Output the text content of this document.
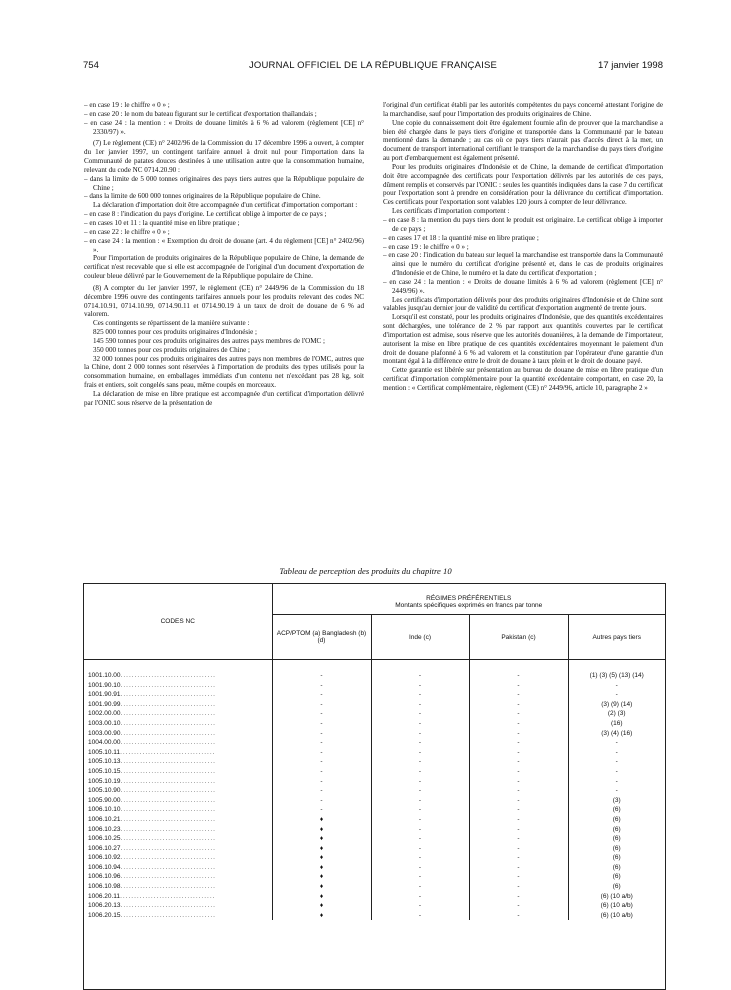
754	JOURNAL OFFICIEL DE LA RÉPUBLIQUE FRANÇAISE	17 janvier 1998

– en case 19 : le chiffre « 0 » ;

– en case 20 : le nom du bateau figurant sur le certificat d'exportation thaïlandais ;

– en case 24 : la mention : « Droits de douane limités à 6 % ad valorem (règlement [CE] n° 2330/97) ».

(7) Le règlement (CE) n° 2402/96 de la Commission du 17 décembre 1996 a ouvert, à compter du 1er janvier 1997, un contingent tarifaire annuel à droit nul pour l'importation dans la Communauté de patates douces destinées à une utilisation autre que la consommation humaine, relevant du code NC 0714.20.90 :

– dans la limite de 5 000 tonnes originaires des pays tiers autres que la République populaire de Chine ;

– dans la limite de 600 000 tonnes originaires de la République populaire de Chine.

La déclaration d'importation doit être accompagnée d'un certificat d'importation comportant :

– en case 8 : l'indication du pays d'origine. Le certificat oblige à importer de ce pays ;

– en cases 10 et 11 : la quantité mise en libre pratique ;

– en case 22 : le chiffre « 0 » ;

– en case 24 : la mention : « Exemption du droit de douane (art. 4 du règlement [CE] n° 2402/96) ».

Pour l'importation de produits originaires de la République populaire de Chine, la demande de certificat n'est recevable que si elle est accompagnée de l'original d'un document d'exportation de couleur bleue délivré par le Gouvernement de la République populaire de Chine.

(8) A compter du 1er janvier 1997, le règlement (CE) n° 2449/96 de la Commission du 18 décembre 1996 ouvre des contingents tarifaires annuels pour les produits relevant des codes NC 0714.10.91, 0714.10.99, 0714.90.11 et 0714.90.19 à un taux de droit de douane de 6 % ad valorem.

Ces contingents se répartissent de la manière suivante :

825 000 tonnes pour ces produits originaires d'Indonésie ;

145 590 tonnes pour ces produits originaires des autres pays membres de l'OMC ;

350 000 tonnes pour ces produits originaires de Chine ;

32 000 tonnes pour ces produits originaires des autres pays non membres de l'OMC, autres que la Chine, dont 2 000 tonnes sont réservées à l'importation de produits des types utilisés pour la consommation humaine, en emballages immédiats d'un contenu net n'excédant pas 28 kg, soit frais et entiers, soit congelés sans peau, même coupés en morceaux.

La déclaration de mise en libre pratique est accompagnée d'un certificat d'importation délivré par l'ONIC sous réserve de la présentation de

l'original d'un certificat établi par les autorités compétentes du pays concerné attestant l'origine de la marchandise, sauf pour l'importation des produits originaires de Chine.

Une copie du connaissement doit être également fournie afin de prouver que la marchandise a bien été chargée dans le pays tiers d'origine et transportée dans la Communauté par le bateau mentionné dans la demande ; au cas où ce pays tiers n'aurait pas d'accès direct à la mer, un document de transport international certifiant le transport de la marchandise du pays tiers d'origine au port d'embarquement est également présenté.

Pour les produits originaires d'Indonésie et de Chine, la demande de certificat d'importation doit être accompagnée des certificats pour l'exportation délivrés par les autorités de ces pays, dûment remplis et conservés par l'ONIC : seules les quantités indiquées dans la case 7 du certificat pour l'exportation sont à prendre en considération pour la délivrance du certificat d'importation. Ces certificats pour l'exportation sont valables 120 jours à compter de leur délivrance.

Les certificats d'importation comportent :

– en case 8 : la mention du pays tiers dont le produit est originaire. Le certificat oblige à importer de ce pays ;

– en cases 17 et 18 : la quantité mise en libre pratique ;

– en case 19 : le chiffre « 0 » ;

– en case 20 : l'indication du bateau sur lequel la marchandise est transportée dans la Communauté ainsi que le numéro du certificat d'origine présenté et, dans le cas de produits originaires d'Indonésie et de Chine, le numéro et la date du certificat d'exportation ;

– en case 24 : la mention : « Droits de douane limités à 6 % ad valorem (règlement [CE] n° 2449/96) ».

Les certificats d'importation délivrés pour des produits originaires d'Indonésie et de Chine sont valables jusqu'au dernier jour de validité du certificat d'exportation augmenté de trente jours.

Lorsqu'il est constaté, pour les produits originaires d'Indonésie, que des quantités excédentaires sont déchargées, une tolérance de 2 % par rapport aux quantités couvertes par le certificat d'importation est admise, sous réserve que les autorités douanières, à la demande de l'importateur, autorisent la mise en libre pratique de ces quantités excédentaires moyennant le paiement d'un droit de douane plafonné à 6 % ad valorem et la constitution par l'opérateur d'une garantie d'un montant égal à la différence entre le droit de douane à taux plein et le droit de douane payé.

Cette garantie est libérée sur présentation au bureau de douane de mise en libre pratique d'un certificat d'importation complémentaire pour la quantité excédentaire comportant, en case 20, la mention : « Certificat complémentaire, règlement (CE) n° 2449/96, article 10, paragraphe 2 »

Tableau de perception des produits du chapitre 10
CODES NC	RÉGIMES PRÉFÉRENTIELS
Montants spécifiques exprimés en francs par tonne			

	ACP/PTOM (a) Bangladesh (b) (d)	Inde (c)	Pakistan (c)	Autres pays tiers

1001.10.00..................................	-	-	-	(1) (3) (5) (13) (14)
1001.90.10..................................	-	-	-	-
1001.90.91..................................	-	-	-	-
1001.90.99..................................	-	-	-	(3) (9) (14)
1002.00.00..................................	-	-	-	(2) (3)
1003.00.10..................................	-	-	-	(16)
1003.00.90..................................	-	-	-	(3) (4) (16)
1004.00.00..................................	-	-	-	-
1005.10.11..................................	-	-	-	-
1005.10.13..................................	-	-	-	-
1005.10.15..................................	-	-	-	-
1005.10.19..................................	-	-	-	-
1005.10.90..................................	-	-	-	-
1005.90.00..................................	-	-	-	(3)
1006.10.10..................................	-	-	-	(6)
1006.10.21..................................	♦	-	-	(6)
1006.10.23..................................	♦	-	-	(6)
1006.10.25..................................	♦	-	-	(6)
1006.10.27..................................	♦	-	-	(6)
1006.10.92..................................	♦	-	-	(6)
1006.10.94..................................	♦	-	-	(6)
1006.10.96..................................	♦	-	-	(6)
1006.10.98..................................	♦	-	-	(6)
1006.20.11..................................	♦	-	-	(6) (10 a/b)
1006.20.13..................................	♦	-	-	(6) (10 a/b)
1006.20.15..................................	♦	-	-	(6) (10 a/b)
